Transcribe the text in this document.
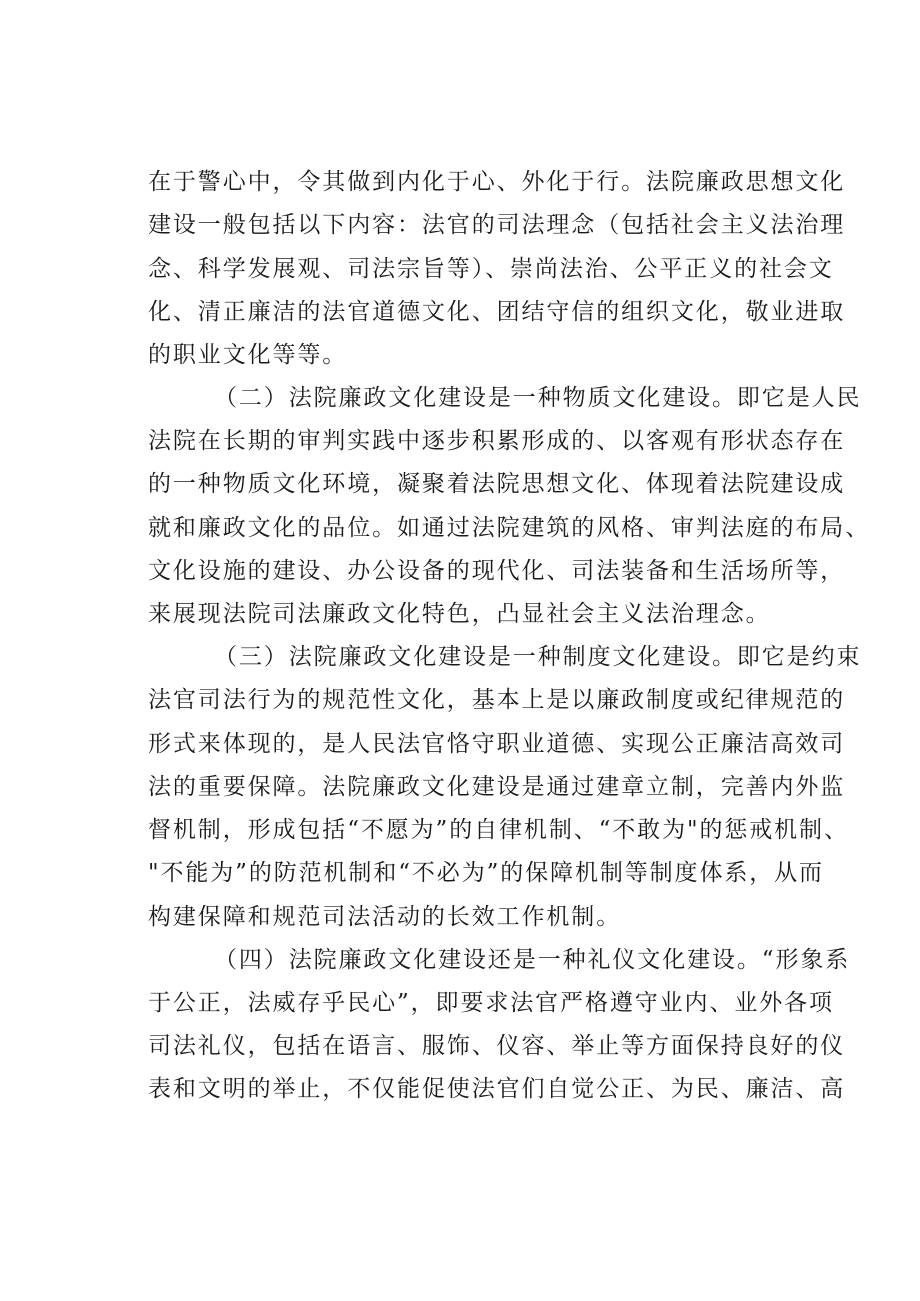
在于警心中，令其做到内化于心、外化于行。法院廉政思想文化
建设一般包括以下内容：法官的司法理念（包括社会主义法治理
念、科学发展观、司法宗旨等）、崇尚法治、公平正义的社会文
化、清正廉洁的法官道德文化、团结守信的组织文化，敬业进取
的职业文化等等。
（二）法院廉政文化建设是一种物质文化建设。即它是人民
法院在长期的审判实践中逐步积累形成的、以客观有形状态存在
的一种物质文化环境，凝聚着法院思想文化、体现着法院建设成
就和廉政文化的品位。如通过法院建筑的风格、审判法庭的布局、
文化设施的建设、办公设备的现代化、司法装备和生活场所等，
来展现法院司法廉政文化特色，凸显社会主义法治理念。
（三）法院廉政文化建设是一种制度文化建设。即它是约束
法官司法行为的规范性文化，基本上是以廉政制度或纪律规范的
形式来体现的，是人民法官恪守职业道德、实现公正廉洁高效司
法的重要保障。法院廉政文化建设是通过建章立制，完善内外监
督机制，形成包括“不愿为”的自律机制、“不敢为"的惩戒机制、
"不能为”的防范机制和“不必为”的保障机制等制度体系，从而
构建保障和规范司法活动的长效工作机制。
（四）法院廉政文化建设还是一种礼仪文化建设。“形象系
于公正，法威存乎民心”，即要求法官严格遵守业内、业外各项
司法礼仪，包括在语言、服饰、仪容、举止等方面保持良好的仪
表和文明的举止，不仅能促使法官们自觉公正、为民、廉洁、高
